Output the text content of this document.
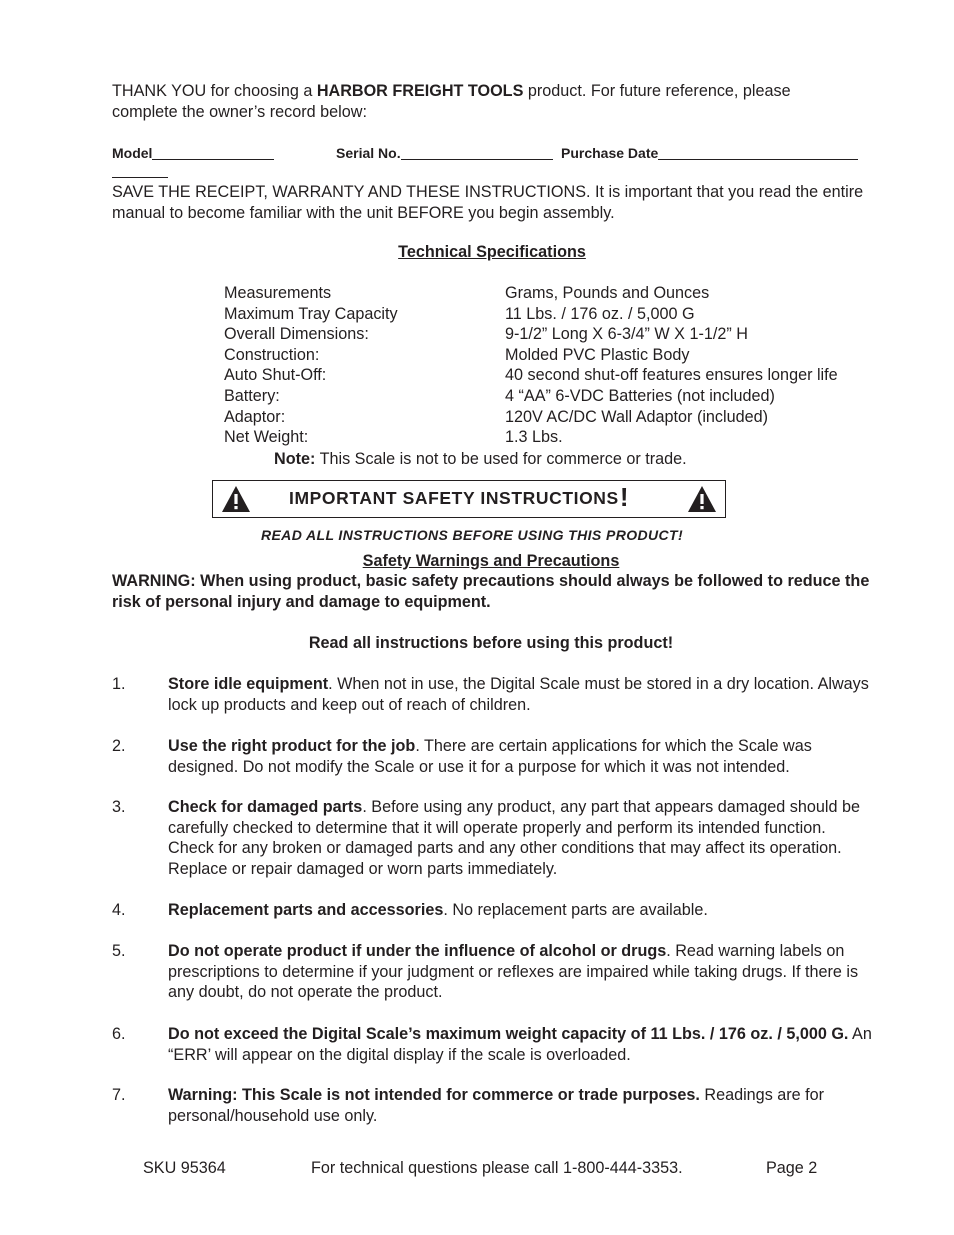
THANK YOU for choosing a HARBOR FREIGHT TOOLS product. For future reference, please complete the owner’s record below:
Model	Serial No.	Purchase Date
SAVE THE RECEIPT, WARRANTY AND THESE INSTRUCTIONS. It is important that you read the entire manual to become familiar with the unit BEFORE you begin assembly.
Technical Specifications
Measurements	Grams, Pounds and Ounces
Maximum Tray Capacity	11 Lbs. / 176 oz. / 5,000 G
Overall Dimensions:	9-1/2” Long X 6-3/4” W X 1-1/2” H
Construction:	Molded PVC Plastic Body
Auto Shut-Off:	40 second shut-off features ensures longer life
Battery:	4 “AA” 6-VDC Batteries (not included)
Adaptor:	120V AC/DC Wall Adaptor (included)
Net Weight:	1.3 Lbs.
Note: This Scale is not to be used for commerce or trade.
IMPORTANT SAFETY INSTRUCTIONS!
READ ALL INSTRUCTIONS BEFORE USING THIS PRODUCT!
Safety Warnings and Precautions
WARNING: When using product, basic safety precautions should always be followed to reduce the risk of personal injury and damage to equipment.
Read all instructions before using this product!
1.	Store idle equipment. When not in use, the Digital Scale must be stored in a dry location. Always lock up products and keep out of reach of children.
2.	Use the right product for the job. There are certain applications for which the Scale was designed. Do not modify the Scale or use it for a purpose for which it was not intended.
3.	Check for damaged parts. Before using any product, any part that appears damaged should be carefully checked to determine that it will operate properly and perform its intended function. Check for any broken or damaged parts and any other conditions that may affect its operation. Replace or repair damaged or worn parts immediately.
4.	Replacement parts and accessories. No replacement parts are available.
5.	Do not operate product if under the influence of alcohol or drugs. Read warning labels on prescriptions to determine if your judgment or reflexes are impaired while taking drugs. If there is any doubt, do not operate the product.
6.	Do not exceed the Digital Scale’s maximum weight capacity of 11 Lbs. / 176 oz. / 5,000 G. An “ERR’ will appear on the digital display if the scale is overloaded.
7.	Warning: This Scale is not intended for commerce or trade purposes. Readings are for personal/household use only.
SKU 95364	For technical questions please call 1-800-444-3353.	Page 2
